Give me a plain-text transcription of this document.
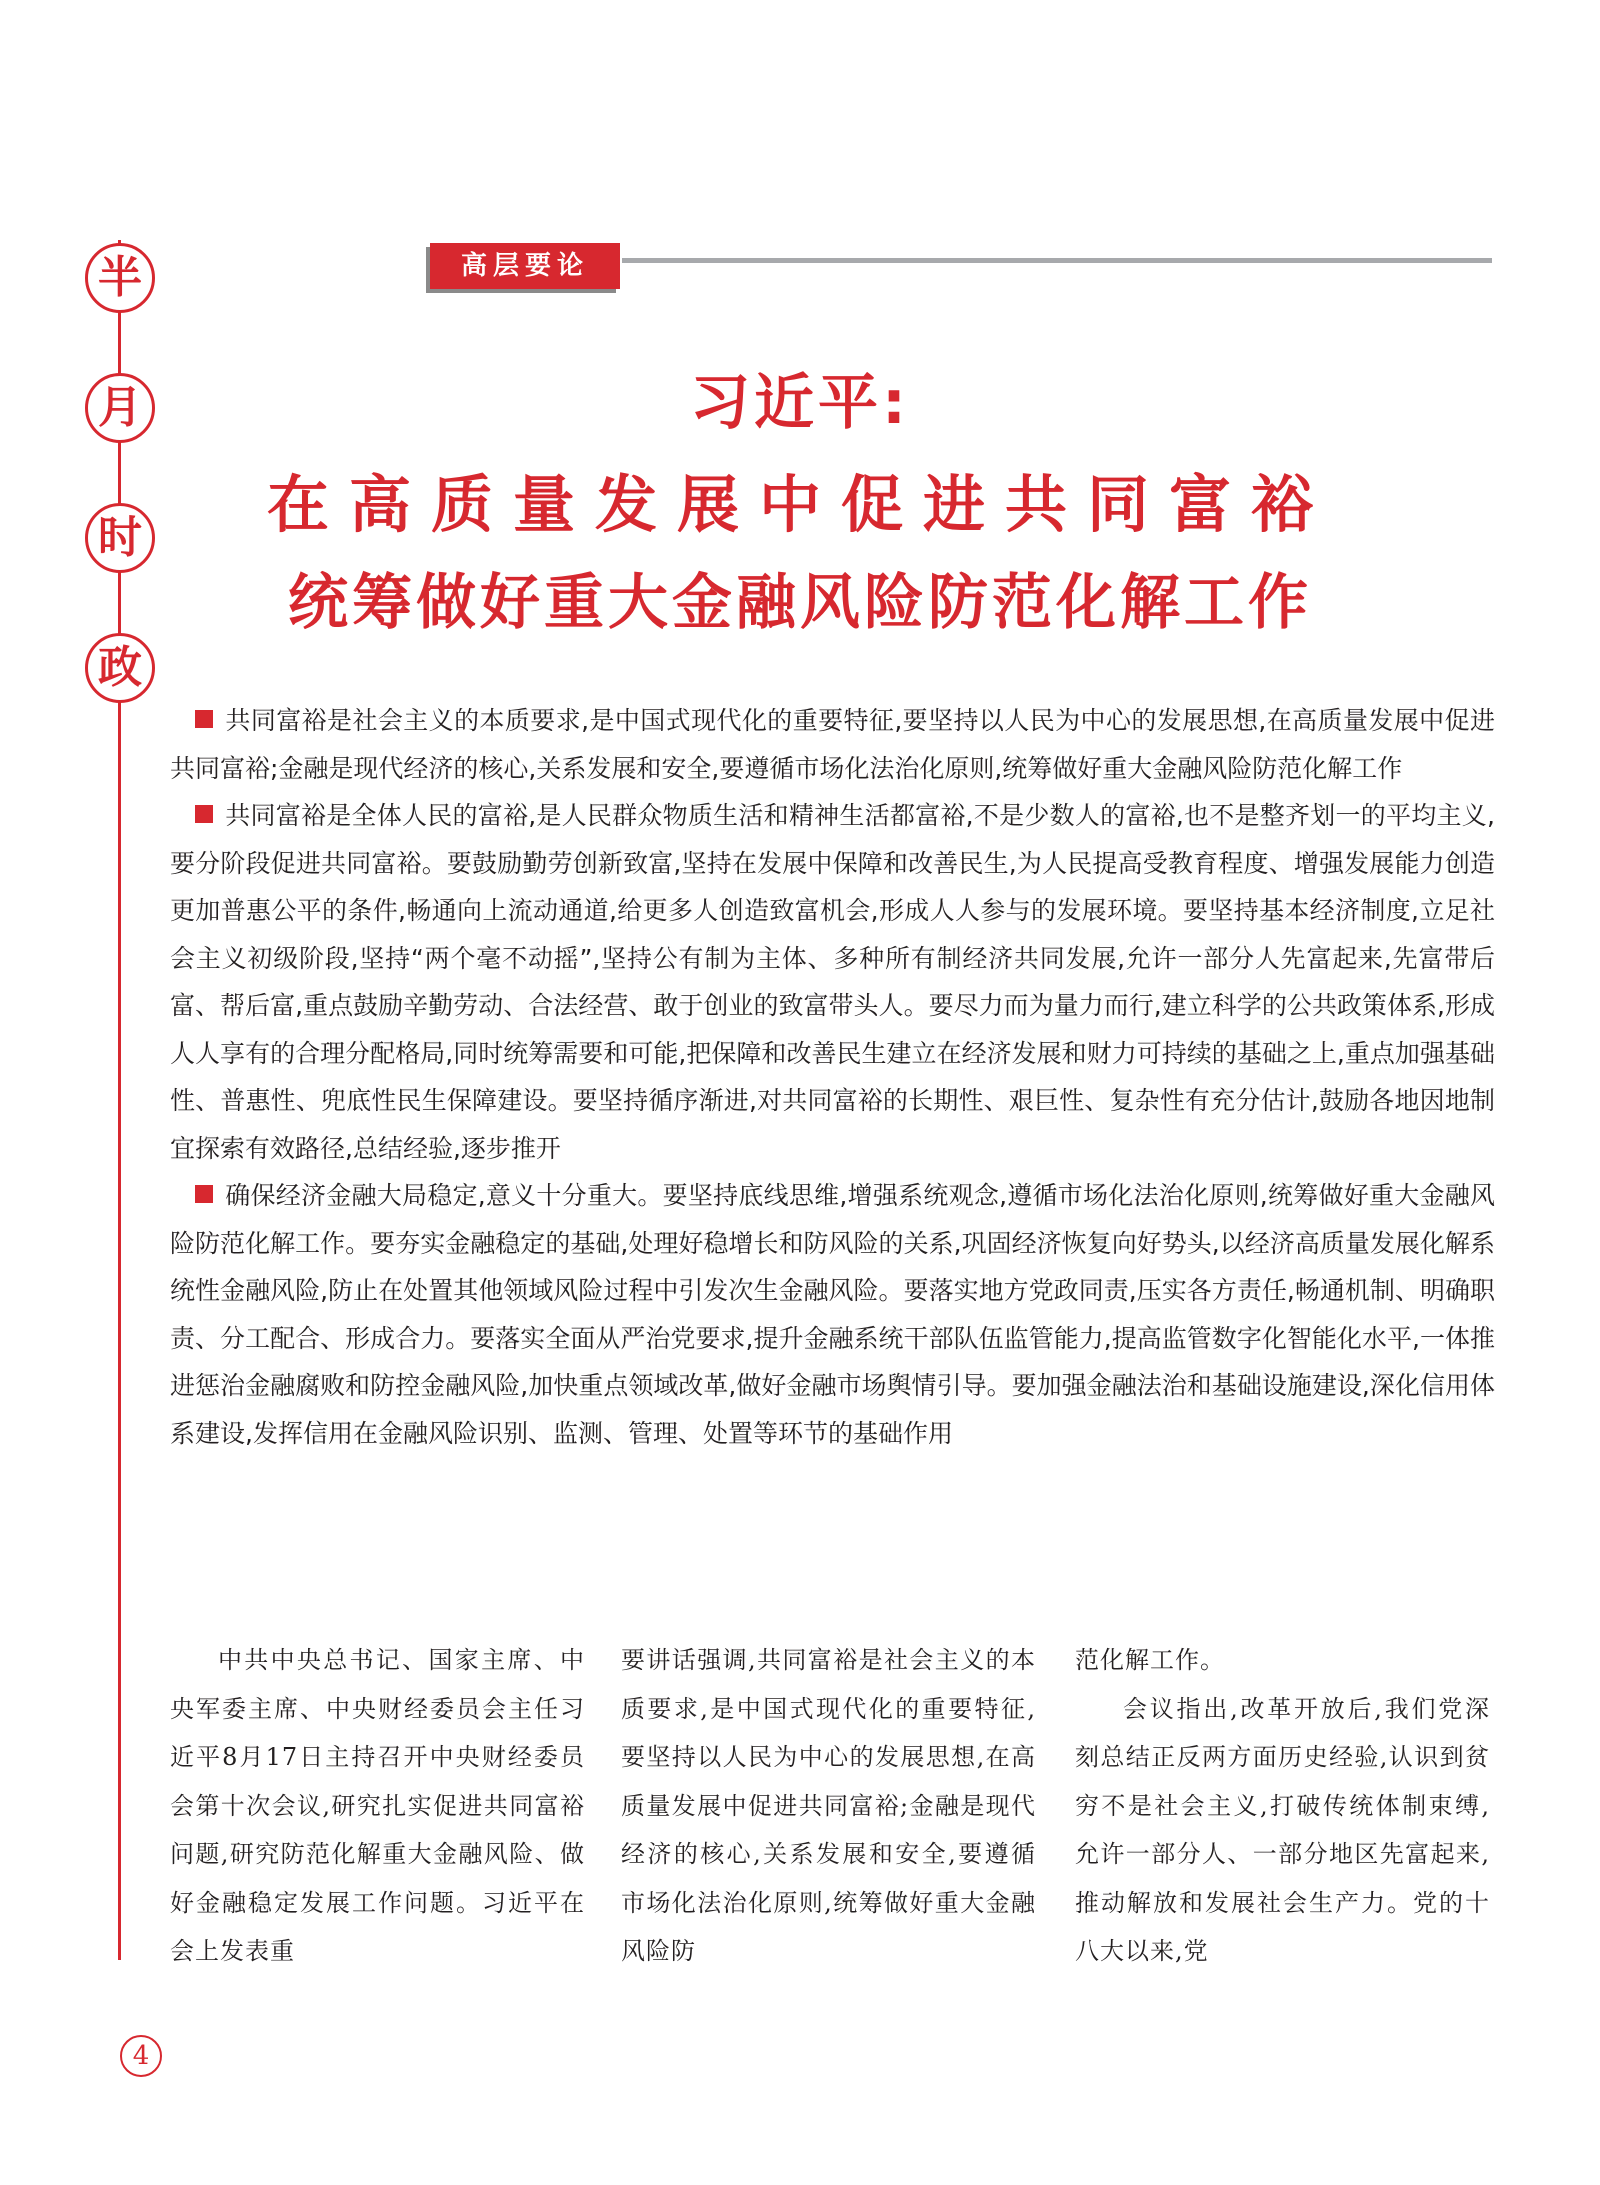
半
月
时
政
高层要论
习近平:
在高质量发展中促进共同富裕
统筹做好重大金融风险防范化解工作

共同富裕是社会主义的本质要求,是中国式现代化的重要特征,要坚持以人民为中心的发展思想,在高质量发展中促进共同富裕;金融是现代经济的核心,关系发展和安全,要遵循市场化法治化原则,统筹做好重大金融风险防范化解工作

共同富裕是全体人民的富裕,是人民群众物质生活和精神生活都富裕,不是少数人的富裕,也不是整齐划一的平均主义,要分阶段促进共同富裕。要鼓励勤劳创新致富,坚持在发展中保障和改善民生,为人民提高受教育程度、增强发展能力创造更加普惠公平的条件,畅通向上流动通道,给更多人创造致富机会,形成人人参与的发展环境。要坚持基本经济制度,立足社会主义初级阶段,坚持“两个毫不动摇”,坚持公有制为主体、多种所有制经济共同发展,允许一部分人先富起来,先富带后富、帮后富,重点鼓励辛勤劳动、合法经营、敢于创业的致富带头人。要尽力而为量力而行,建立科学的公共政策体系,形成人人享有的合理分配格局,同时统筹需要和可能,把保障和改善民生建立在经济发展和财力可持续的基础之上,重点加强基础性、普惠性、兜底性民生保障建设。要坚持循序渐进,对共同富裕的长期性、艰巨性、复杂性有充分估计,鼓励各地因地制宜探索有效路径,总结经验,逐步推开

确保经济金融大局稳定,意义十分重大。要坚持底线思维,增强系统观念,遵循市场化法治化原则,统筹做好重大金融风险防范化解工作。要夯实金融稳定的基础,处理好稳增长和防风险的关系,巩固经济恢复向好势头,以经济高质量发展化解系统性金融风险,防止在处置其他领域风险过程中引发次生金融风险。要落实地方党政同责,压实各方责任,畅通机制、明确职责、分工配合、形成合力。要落实全面从严治党要求,提升金融系统干部队伍监管能力,提高监管数字化智能化水平,一体推进惩治金融腐败和防控金融风险,加快重点领域改革,做好金融市场舆情引导。要加强金融法治和基础设施建设,深化信用体系建设,发挥信用在金融风险识别、监测、管理、处置等环节的基础作用

中共中央总书记、国家主席、中央军委主席、中央财经委员会主任习近平8月17日主持召开中央财经委员会第十次会议,研究扎实促进共同富裕问题,研究防范化解重大金融风险、做好金融稳定发展工作问题。习近平在会上发表重

要讲话强调,共同富裕是社会主义的本质要求,是中国式现代化的重要特征,要坚持以人民为中心的发展思想,在高质量发展中促进共同富裕;金融是现代经济的核心,关系发展和安全,要遵循市场化法治化原则,统筹做好重大金融风险防

范化解工作。

会议指出,改革开放后,我们党深刻总结正反两方面历史经验,认识到贫穷不是社会主义,打破传统体制束缚,允许一部分人、一部分地区先富起来,推动解放和发展社会生产力。党的十八大以来,党

4
